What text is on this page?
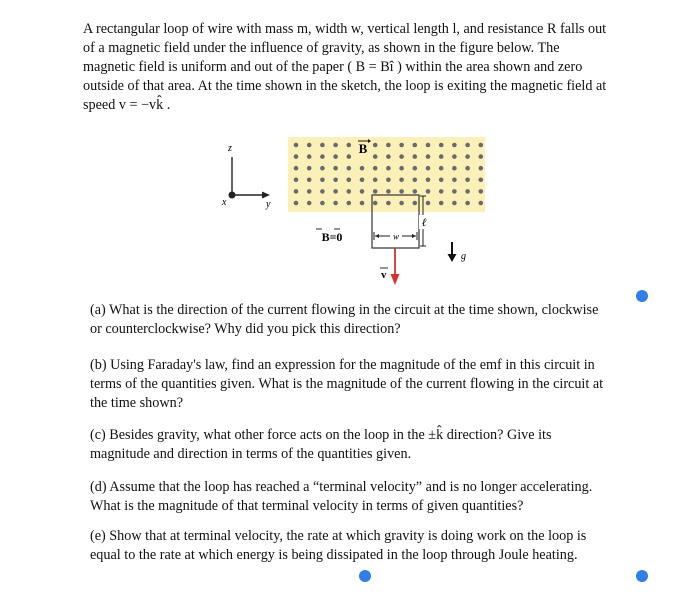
A rectangular loop of wire with mass m, width w, vertical length l, and resistance R falls out of a magnetic field under the influence of gravity, as shown in the figure below. The magnetic field is uniform and out of the paper ( B = Bî ) within the area shown and zero outside of that area. At the time shown in the sketch, the loop is exiting the magnetic field at speed v = −vk̂ .

z
x	y
B
w
ℓ
B=0
v
g

(a) What is the direction of the current flowing in the circuit at the time shown, clockwise or counterclockwise? Why did you pick this direction?

(b) Using Faraday's law, find an expression for the magnitude of the emf in this circuit in terms of the quantities given. What is the magnitude of the current flowing in the circuit at the time shown?

(c) Besides gravity, what other force acts on the loop in the ±k̂ direction? Give its magnitude and direction in terms of the quantities given.

(d) Assume that the loop has reached a “terminal velocity” and is no longer accelerating. What is the magnitude of that terminal velocity in terms of given quantities?

(e) Show that at terminal velocity, the rate at which gravity is doing work on the loop is equal to the rate at which energy is being dissipated in the loop through Joule heating.
